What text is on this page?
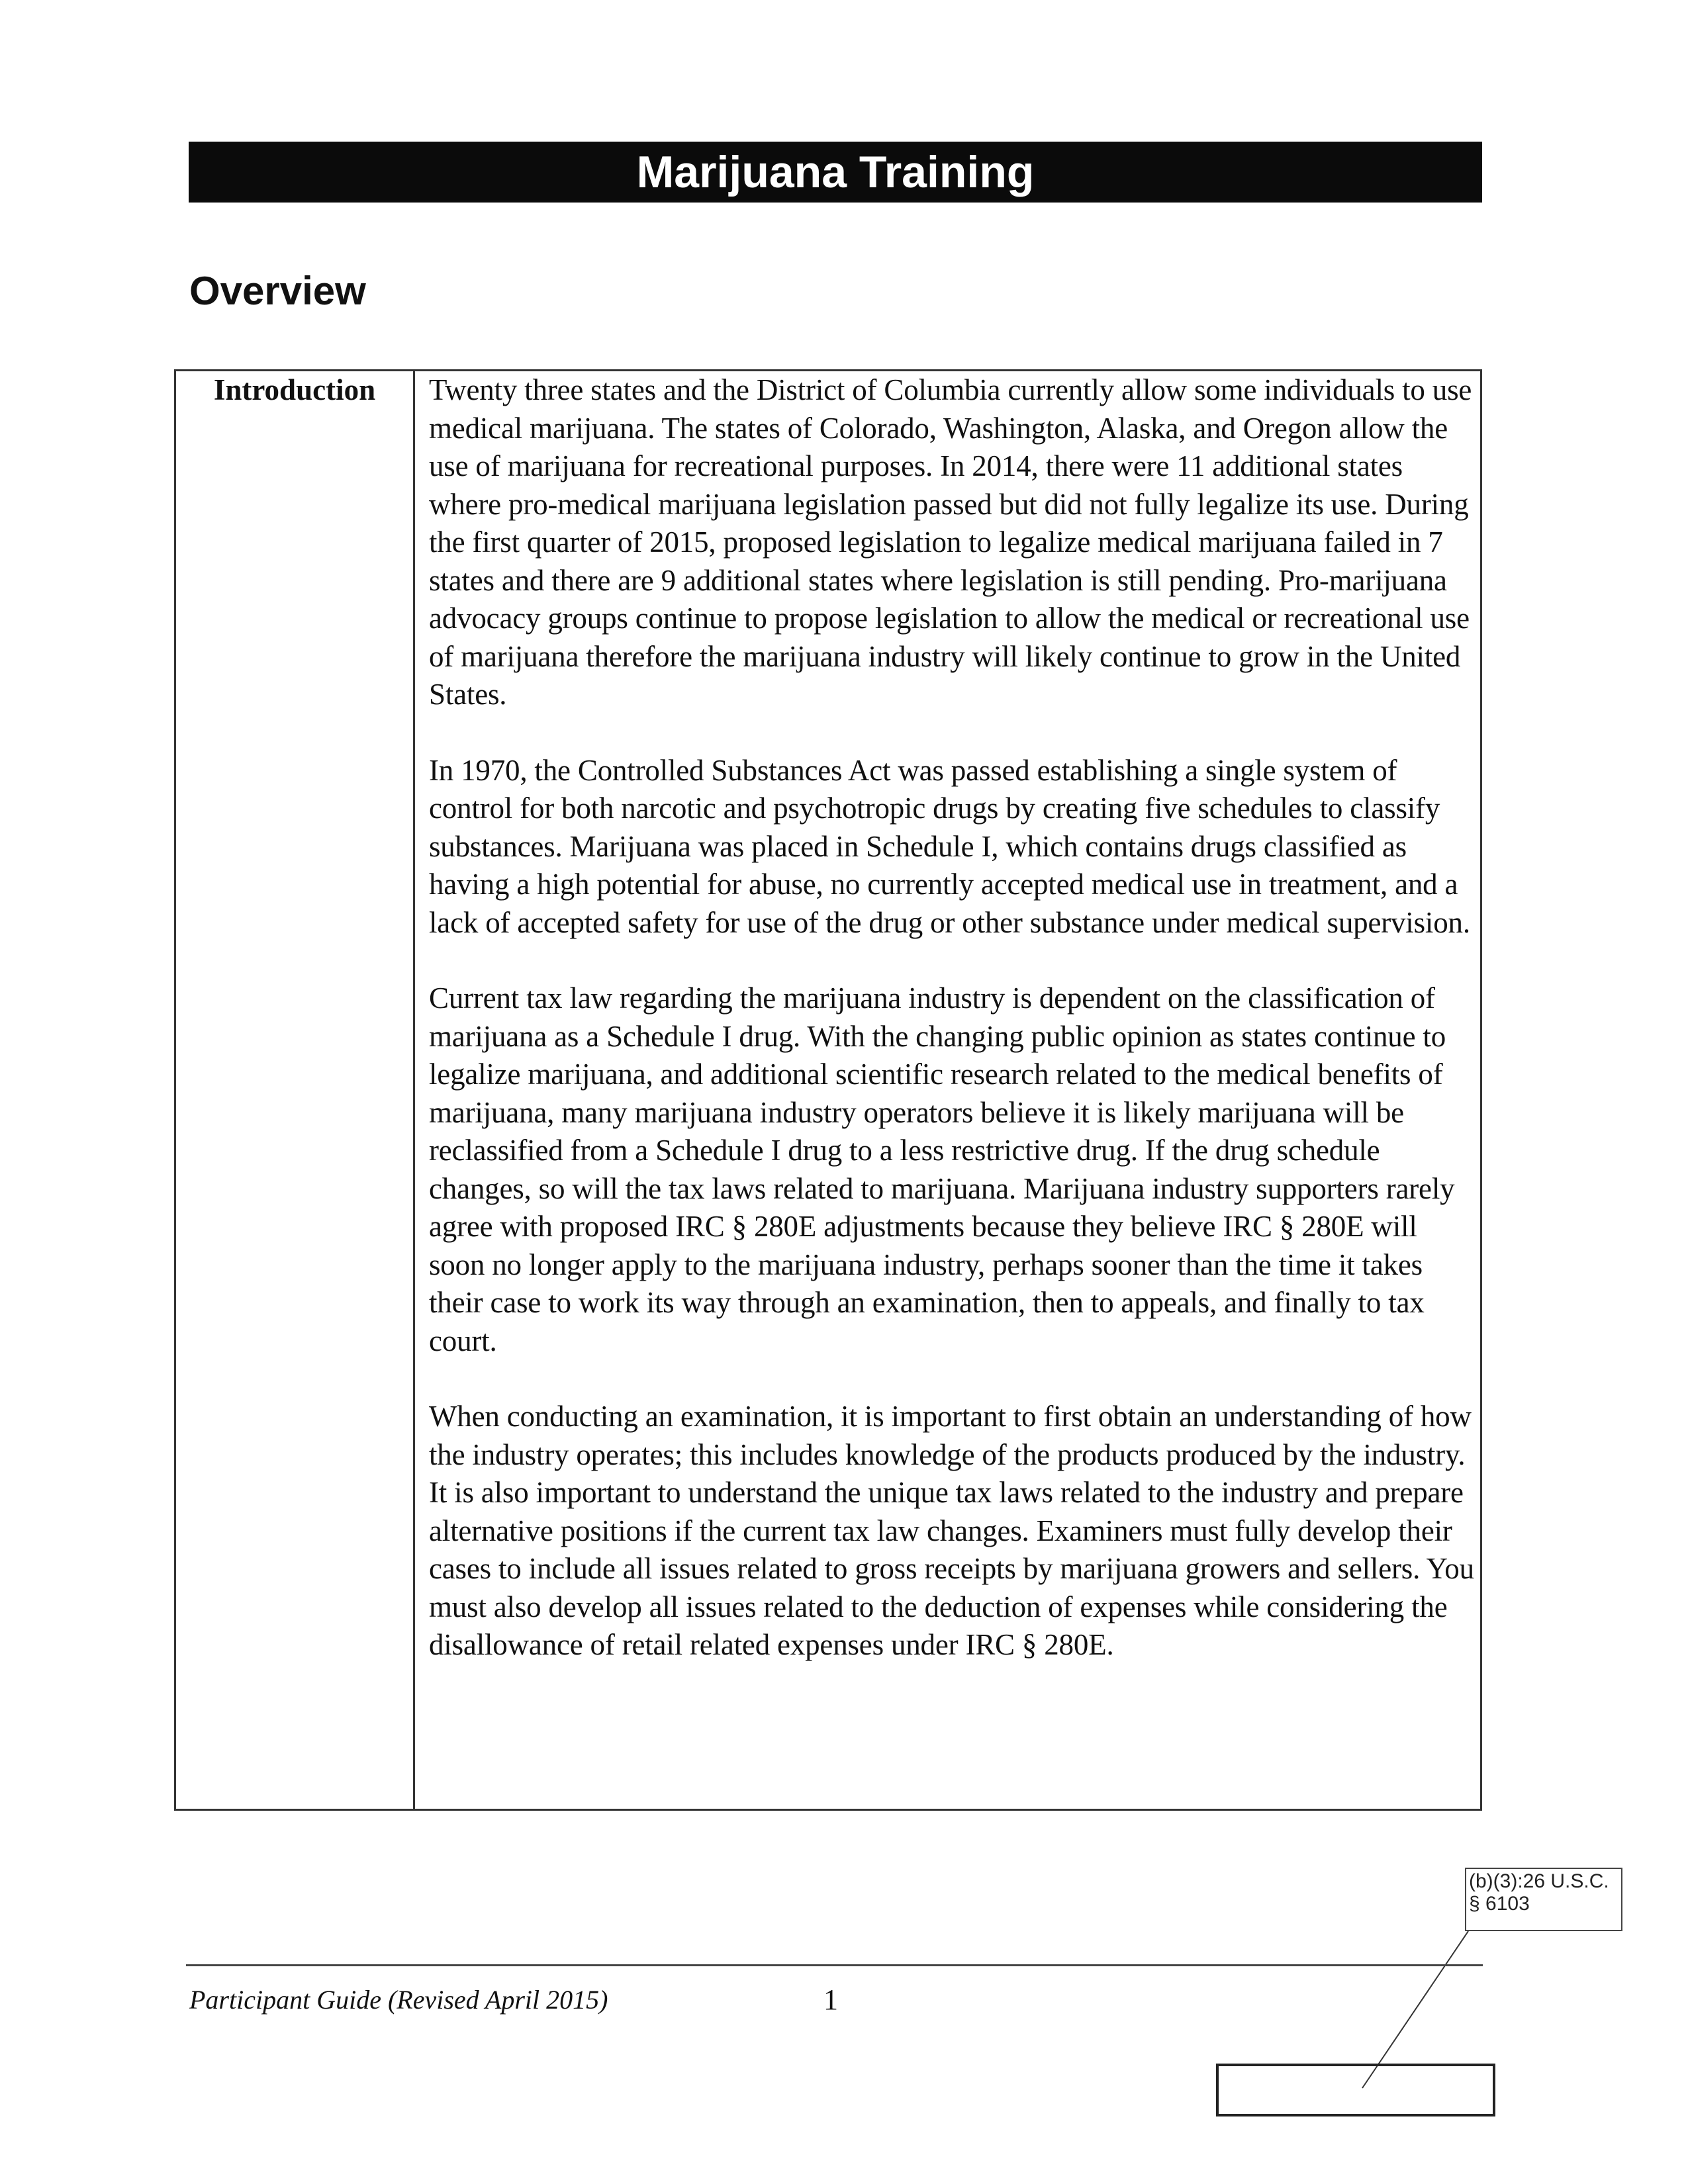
Marijuana Training
Overview
Introduction	Twenty three states and the District of Columbia currently allow some individuals to use medical marijuana. The states of Colorado, Washington, Alaska, and Oregon allow the use of marijuana for recreational purposes. In 2014, there were 11 additional states where pro-medical marijuana legislation passed but did not fully legalize its use. During the first quarter of 2015, proposed legislation to legalize medical marijuana failed in 7 states and there are 9 additional states where legislation is still pending. Pro-marijuana advocacy groups continue to propose legislation to allow the medical or recreational use of marijuana therefore the marijuana industry will likely continue to grow in the United States.

In 1970, the Controlled Substances Act was passed establishing a single system of control for both narcotic and psychotropic drugs by creating five schedules to classify substances. Marijuana was placed in Schedule I, which contains drugs classified as having a high potential for abuse, no currently accepted medical use in treatment, and a lack of accepted safety for use of the drug or other substance under medical supervision.

Current tax law regarding the marijuana industry is dependent on the classification of marijuana as a Schedule I drug. With the changing public opinion as states continue to legalize marijuana, and additional scientific research related to the medical benefits of marijuana, many marijuana industry operators believe it is likely marijuana will be reclassified from a Schedule I drug to a less restrictive drug. If the drug schedule changes, so will the tax laws related to marijuana. Marijuana industry supporters rarely agree with proposed IRC § 280E adjustments because they believe IRC § 280E will soon no longer apply to the marijuana industry, perhaps sooner than the time it takes their case to work its way through an examination, then to appeals, and finally to tax court.

When conducting an examination, it is important to first obtain an understanding of how the industry operates; this includes knowledge of the products produced by the industry. It is also important to understand the unique tax laws related to the industry and prepare alternative positions if the current tax law changes. Examiners must fully develop their cases to include all issues related to gross receipts by marijuana growers and sellers. You must also develop all issues related to the deduction of expenses while considering the disallowance of retail related expenses under IRC § 280E.

(b)(3):26 U.S.C.
§ 6103
Participant Guide (Revised April 2015)	1
